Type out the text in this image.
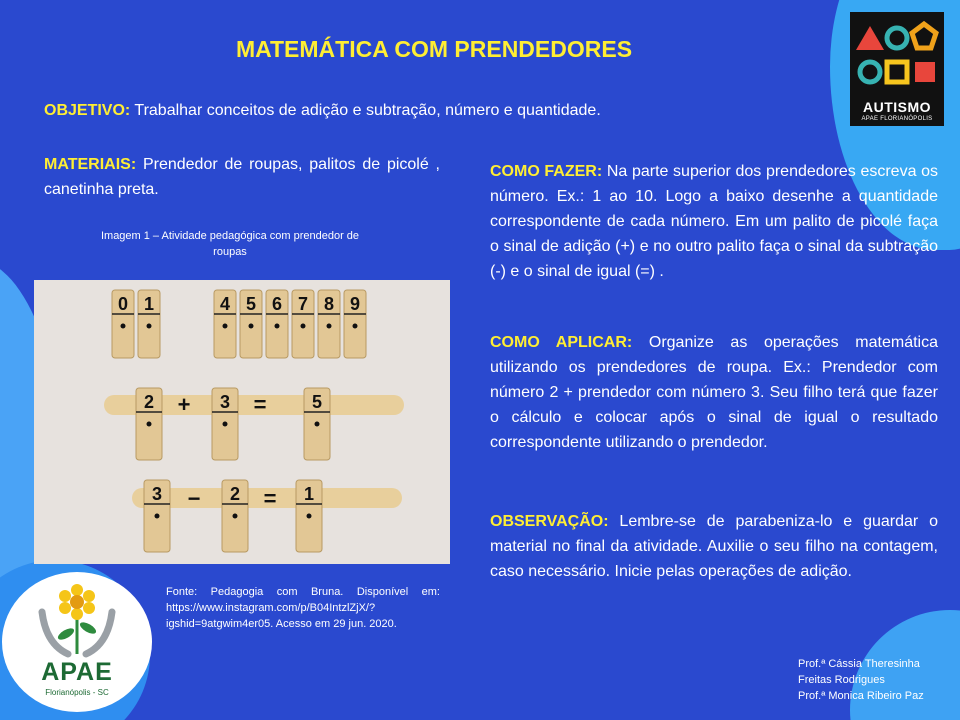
MATEMÁTICA COM PRENDEDORES
OBJETIVO: Trabalhar conceitos de adição e subtração, número e quantidade.
MATERIAIS: Prendedor de roupas, palitos de picolé , canetinha preta.
Imagem 1 – Atividade pedagógica com prendedor de roupas
0 1	4 5 6 7 8 9
2 + 3 =	5
3 − 2 = 1
Fonte: Pedagogia com Bruna. Disponível em: https://www.instagram.com/p/B04IntzlZjX/?igshid=9atgwim4er05. Acesso em 29 jun. 2020.
COMO FAZER: Na parte superior dos prendedores escreva os número. Ex.: 1 ao 10. Logo a baixo desenhe a quantidade correspondente de cada número. Em um palito de picolé faça o sinal de adição (+) e no outro palito faça o sinal da subtração (-) e o sinal de igual (=) .
COMO APLICAR: Organize as operações matemática utilizando os prendedores de roupa. Ex.: Prendedor com número 2 + prendedor com número 3. Seu filho terá que fazer o cálculo e colocar após o sinal de igual o resultado correspondente utilizando o prendedor.
OBSERVAÇÃO: Lembre-se de parabeniza-lo e guardar o material no final da atividade. Auxilie o seu filho na contagem, caso necessário. Inicie pelas operações de adição.
Prof.ª Cássia Theresinha
Freitas Rodrigues
Prof.ª Monica Ribeiro Paz
AUTISMO
APAE FLORIANÓPOLIS
APAE
Florianópolis - SC
